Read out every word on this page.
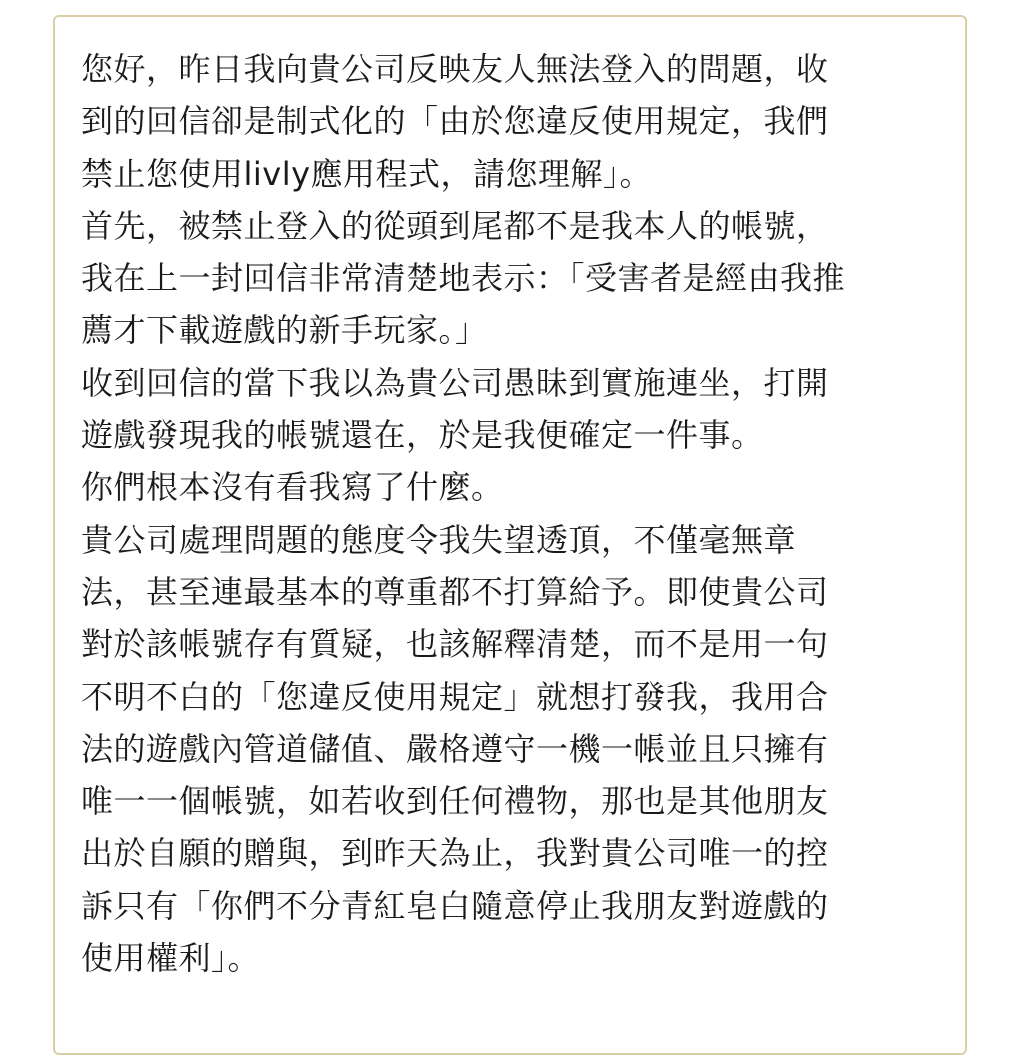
您好，昨日我向貴公司反映友人無法登入的問題，收
到的回信卻是制式化的「由於您違反使用規定，我們
禁止您使用livly應用程式，請您理解」。
首先，被禁止登入的從頭到尾都不是我本人的帳號，
我在上一封回信非常清楚地表示：「受害者是經由我推
薦才下載遊戲的新手玩家。」
收到回信的當下我以為貴公司愚昧到實施連坐，打開
遊戲發現我的帳號還在，於是我便確定一件事。
你們根本沒有看我寫了什麼。
貴公司處理問題的態度令我失望透頂，不僅毫無章
法，甚至連最基本的尊重都不打算給予。即使貴公司
對於該帳號存有質疑，也該解釋清楚，而不是用一句
不明不白的「您違反使用規定」就想打發我，我用合
法的遊戲內管道儲值、嚴格遵守一機一帳並且只擁有
唯一一個帳號，如若收到任何禮物，那也是其他朋友
出於自願的贈與，到昨天為止，我對貴公司唯一的控
訴只有「你們不分青紅皂白隨意停止我朋友對遊戲的
使用權利」。
